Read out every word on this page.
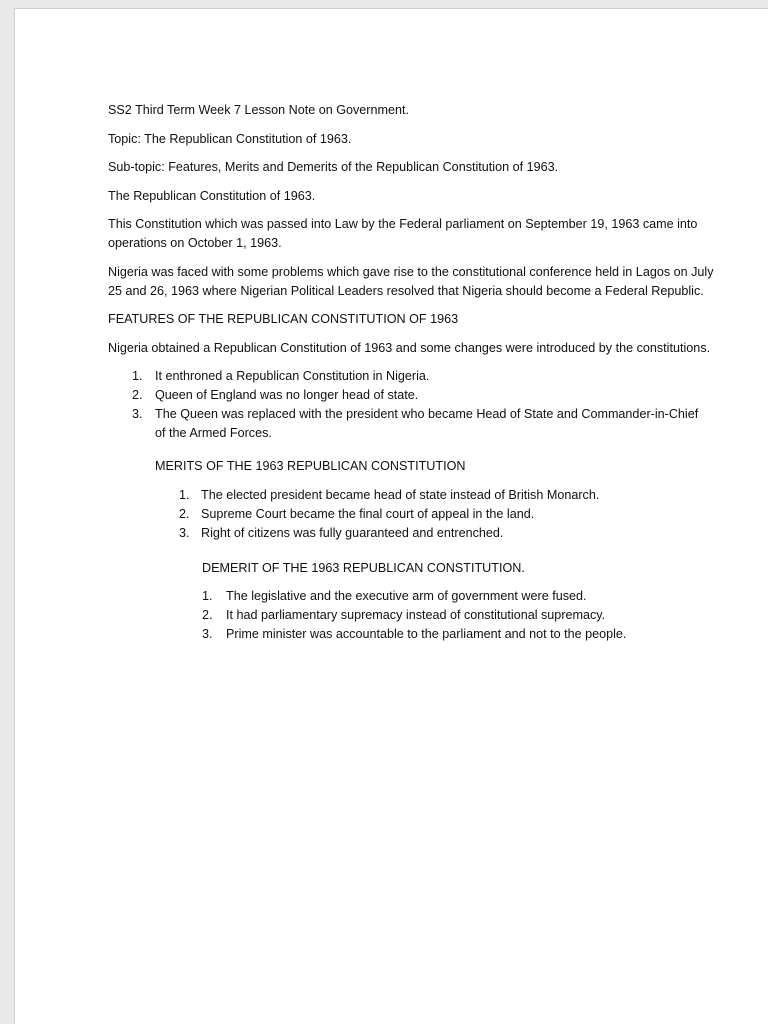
SS2 Third Term Week 7 Lesson Note on Government.

Topic: The Republican Constitution of 1963.

Sub-topic: Features, Merits and Demerits of the Republican Constitution of 1963.

The Republican Constitution of 1963.

This Constitution which was passed into Law by the Federal parliament on September 19, 1963 came into operations on October 1, 1963.

Nigeria was faced with some problems which gave rise to the constitutional conference held in Lagos on July 25 and 26, 1963 where Nigerian Political Leaders resolved that Nigeria should become a Federal Republic.

FEATURES OF THE REPUBLICAN CONSTITUTION OF 1963

Nigeria obtained a Republican Constitution of 1963 and some changes were introduced by the constitutions.

1. It enthroned a Republican Constitution in Nigeria.
2. Queen of England was no longer head of state.
3. The Queen was replaced with the president who became Head of State and Commander-in-Chief of the Armed Forces.

MERITS OF THE 1963 REPUBLICAN CONSTITUTION

1. The elected president became head of state instead of British Monarch.
2. Supreme Court became the final court of appeal in the land.
3. Right of citizens was fully guaranteed and entrenched.

DEMERIT OF THE 1963 REPUBLICAN CONSTITUTION.

1. The legislative and the executive arm of government were fused.
2. It had parliamentary supremacy instead of constitutional supremacy.
3. Prime minister was accountable to the parliament and not to the people.
